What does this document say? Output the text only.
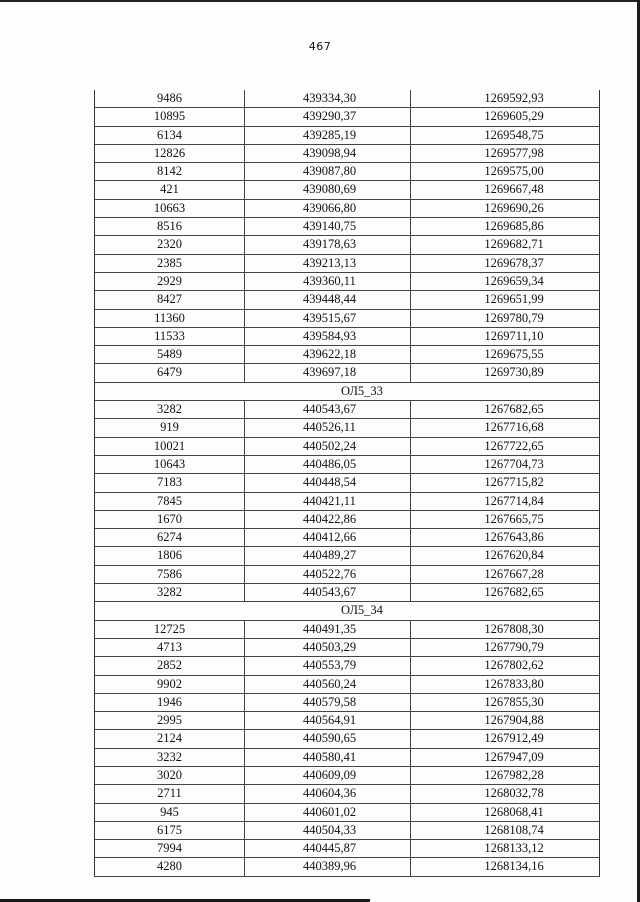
467
9486	439334,30	1269592,93
10895	439290,37	1269605,29
6134	439285,19	1269548,75
12826	439098,94	1269577,98
8142	439087,80	1269575,00
421	439080,69	1269667,48
10663	439066,80	1269690,26
8516	439140,75	1269685,86
2320	439178,63	1269682,71
2385	439213,13	1269678,37
2929	439360,11	1269659,34
8427	439448,44	1269651,99
11360	439515,67	1269780,79
11533	439584,93	1269711,10
5489	439622,18	1269675,55
6479	439697,18	1269730,89
ОЛ5_33
3282	440543,67	1267682,65
919	440526,11	1267716,68
10021	440502,24	1267722,65
10643	440486,05	1267704,73
7183	440448,54	1267715,82
7845	440421,11	1267714,84
1670	440422,86	1267665,75
6274	440412,66	1267643,86
1806	440489,27	1267620,84
7586	440522,76	1267667,28
3282	440543,67	1267682,65
ОЛ5_34
12725	440491,35	1267808,30
4713	440503,29	1267790,79
2852	440553,79	1267802,62
9902	440560,24	1267833,80
1946	440579,58	1267855,30
2995	440564,91	1267904,88
2124	440590,65	1267912,49
3232	440580,41	1267947,09
3020	440609,09	1267982,28
2711	440604,36	1268032,78
945	440601,02	1268068,41
6175	440504,33	1268108,74
7994	440445,87	1268133,12
4280	440389,96	1268134,16
